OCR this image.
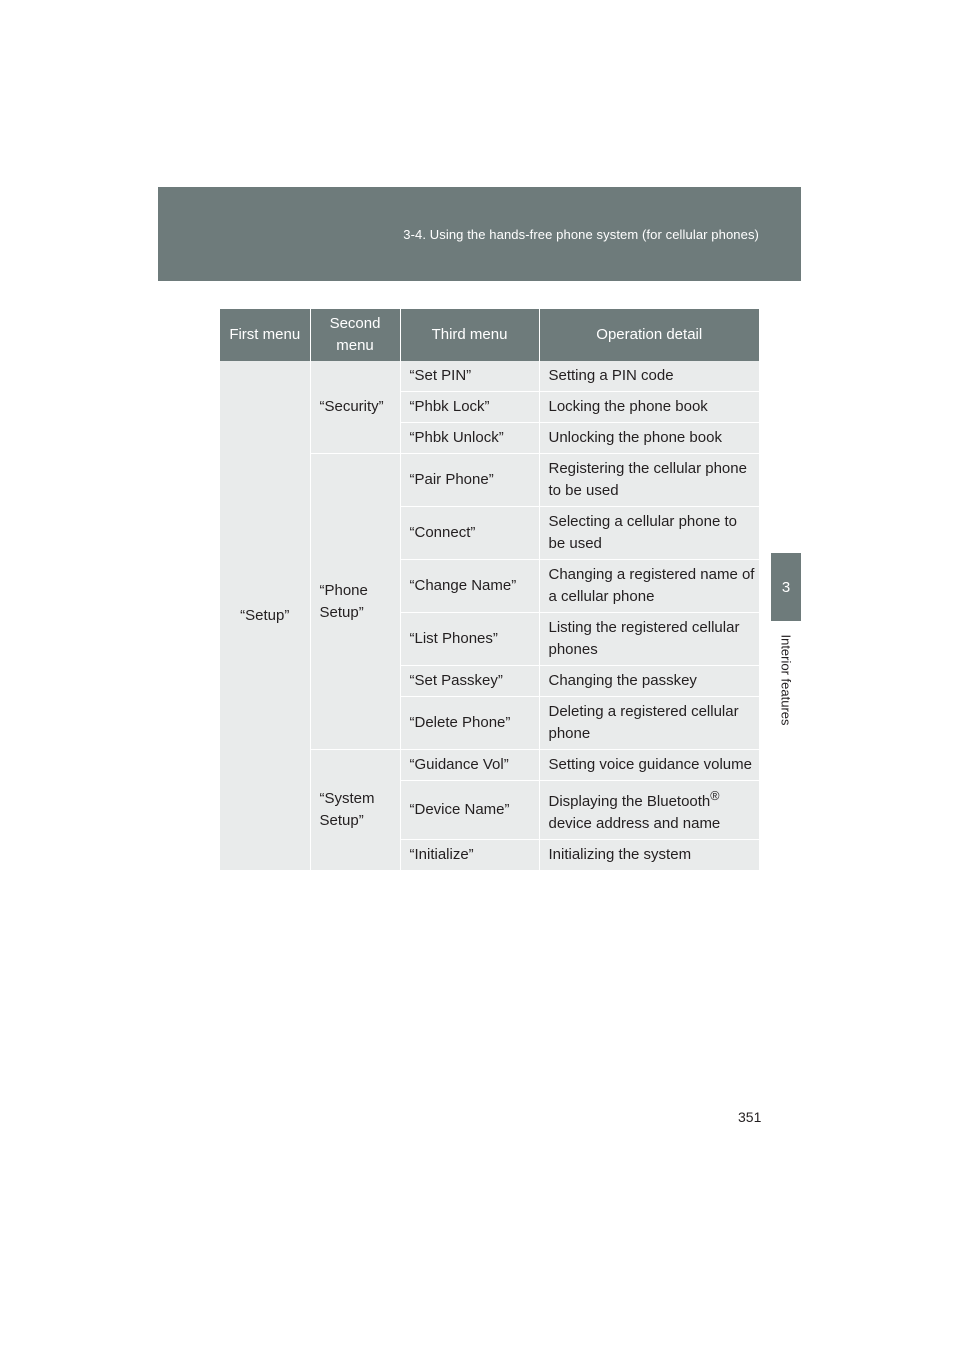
3-4. Using the hands-free phone system (for cellular phones)
3
Interior features
First menu	Second menu	Third menu	Operation detail
“Setup”	“Security”	“Set PIN”	Setting a PIN code
		“Phbk Lock”	Locking the phone book
		“Phbk Unlock”	Unlocking the phone book
	“Phone Setup”	“Pair Phone”	Registering the cellular phone to be used
		“Connect”	Selecting a cellular phone to be used
		“Change Name”	Changing a registered name of a cellular phone
		“List Phones”	Listing the registered cellular phones
		“Set Passkey”	Changing the passkey
		“Delete Phone”	Deleting a registered cellular phone
	“System Setup”	“Guidance Vol”	Setting voice guidance volume
		“Device Name”	Displaying the Bluetooth® device address and name
		“Initialize”	Initializing the system
351
